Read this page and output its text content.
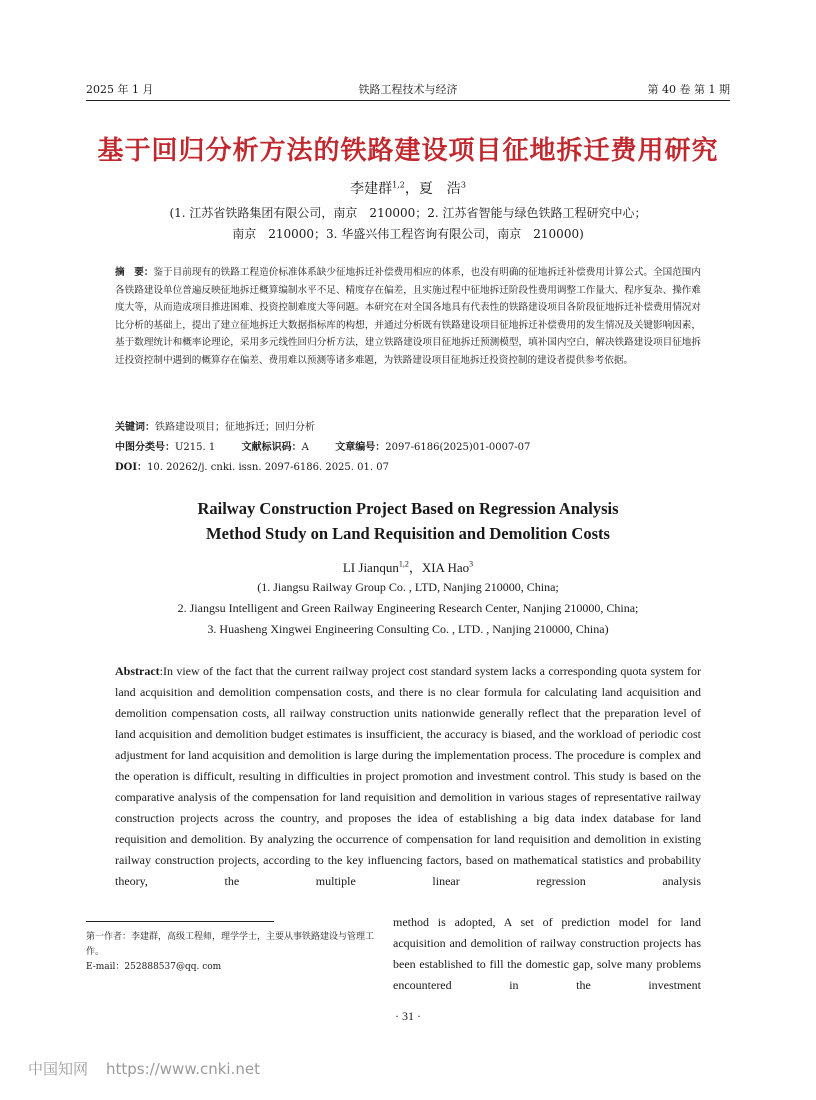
2025 年 1 月	铁路工程技术与经济	第 40 卷 第 1 期
基于回归分析方法的铁路建设项目征地拆迁费用研究
李建群$^{1,2}$，夏　浩$^3$
(1. 江苏省铁路集团有限公司，南京　210000；2. 江苏省智能与绿色铁路工程研究中心；
南京　210000；3. 华盛兴伟工程咨询有限公司，南京　210000)
摘　要：鉴于目前现有的铁路工程造价标准体系缺少征地拆迁补偿费用相应的体系，也没有明确的征地拆迁补偿费用计算公式。全国范围内各铁路建设单位普遍反映征地拆迁概算编制水平不足、精度存在偏差，且实施过程中征地拆迁阶段性费用调整工作量大、程序复杂、操作难度大等，从而造成项目推进困难、投资控制难度大等问题。本研究在对全国各地具有代表性的铁路建设项目各阶段征地拆迁补偿费用情况对比分析的基础上，提出了建立征地拆迁大数据指标库的构想，并通过分析既有铁路建设项目征地拆迁补偿费用的发生情况及关键影响因素，基于数理统计和概率论理论，采用多元线性回归分析方法，建立铁路建设项目征地拆迁预测模型，填补国内空白，解决铁路建设项目征地拆迁投资控制中遇到的概算存在偏差、费用难以预测等诸多难题，为铁路建设项目征地拆迁投资控制的建设者提供参考依据。
关键词：铁路建设项目；征地拆迁；回归分析
中图分类号：U215. 1	文献标识码：A	文章编号：2097-6186(2025)01-0007-07
DOI：10. 20262/j. cnki. issn. 2097-6186. 2025. 01. 07
Railway Construction Project Based on Regression Analysis
Method Study on Land Requisition and Demolition Costs
LI Jianqun$^{1,2}$，XIA Hao$^3$
(1. Jiangsu Railway Group Co. , LTD, Nanjing 210000, China;
2. Jiangsu Intelligent and Green Railway Engineering Research Center, Nanjing 210000, China;
3. Huasheng Xingwei Engineering Consulting Co. , LTD. , Nanjing 210000, China)
Abstract:In view of the fact that the current railway project cost standard system lacks a corresponding quota system for land acquisition and demolition compensation costs, and there is no clear formula for calculating land acquisition and demolition compensation costs, all railway construction units nationwide generally reflect that the preparation level of land acquisition and demolition budget estimates is insufficient, the accuracy is biased, and the workload of periodic cost adjustment for land acquisition and demolition is large during the implementation process. The procedure is complex and the operation is difficult, resulting in difficulties in project promotion and investment control. This study is based on the comparative analysis of the compensation for land requisition and demolition in various stages of representative railway construction projects across the country, and proposes the idea of establishing a big data index database for land requisition and demolition. By analyzing the occurrence of compensation for land requisition and demolition in existing railway construction projects, according to the key influencing factors, based on mathematical statistics and probability theory, the multiple linear regression analysis
method is adopted, A set of prediction model for land acquisition and demolition of railway construction projects has been established to fill the domestic gap, solve many problems encountered in the investment
第一作者：李建群，高级工程师，理学学士，主要从事铁路建设与管理工作。
E-mail：252888537@qq. com
· 31 ·
中国知网 https://www.cnki.net
